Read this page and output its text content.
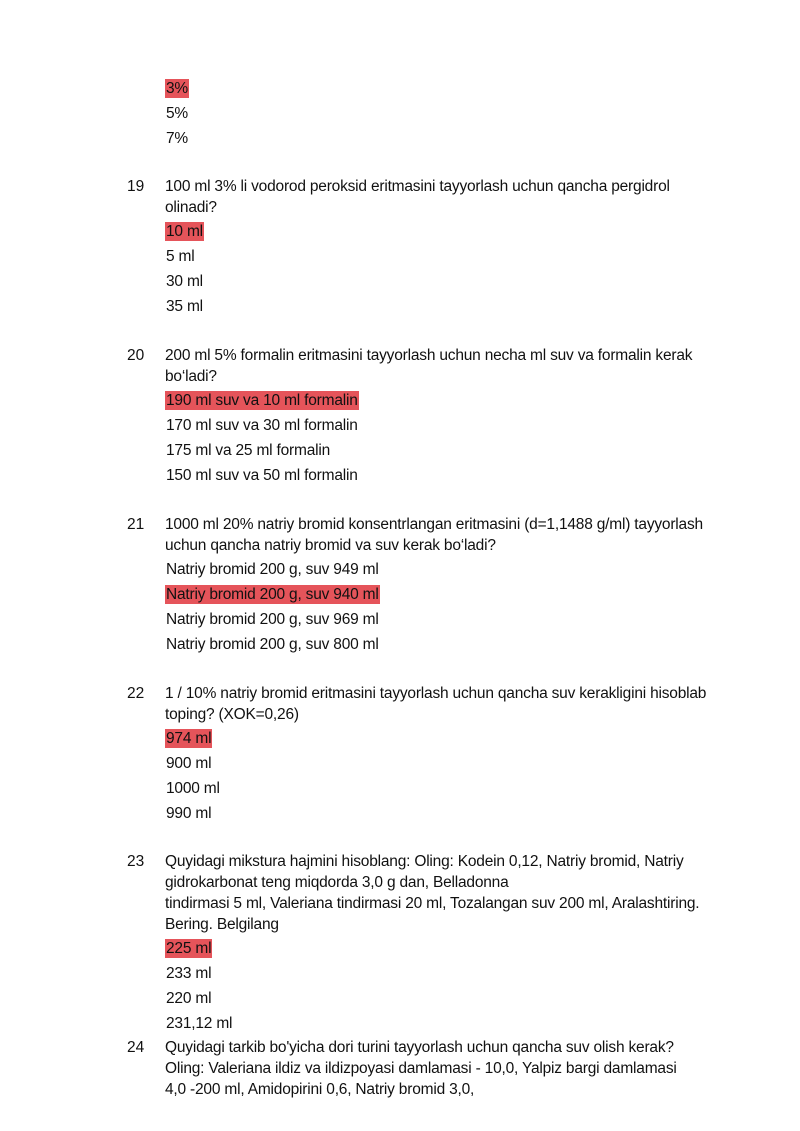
3%
5%
7%
19 100 ml 3% li vodorod peroksid eritmasini tayyorlash uchun qancha pergidrol
olinadi?
10 ml
5 ml
30 ml
35 ml
20 200 ml 5% formalin eritmasini tayyorlash uchun necha ml suv va formalin kerak
bo‘ladi?
190 ml suv va 10 ml formalin
170 ml suv va 30 ml formalin
175 ml va 25 ml formalin
150 ml suv va 50 ml formalin
21 1000 ml 20% natriy bromid konsentrlangan eritmasini (d=1,1488 g/ml) tayyorlash
uchun qancha natriy bromid va suv kerak bo‘ladi?
Natriy bromid 200 g, suv 949 ml
Natriy bromid 200 g, suv 940 ml
Natriy bromid 200 g, suv 969 ml
Natriy bromid 200 g, suv 800 ml
22 1 / 10% natriy bromid eritmasini tayyorlash uchun qancha suv kerakligini hisoblab
toping? (XOK=0,26)
974 ml
900 ml
1000 ml
990 ml
23 Quyidagi mikstura hajmini hisoblang: Oling: Kodein 0,12, Natriy bromid, Natriy
gidrokarbonat teng miqdorda 3,0 g dan, Belladonna
tindirmasi 5 ml, Valeriana tindirmasi 20 ml, Tozalangan suv 200 ml, Aralashtiring.
Bering. Belgilang
225 ml
233 ml
220 ml
231,12 ml
24 Quyidagi tarkib bo'yicha dori turini tayyorlash uchun qancha suv olish kerak?
Oling: Valeriana ildiz va ildizpoyasi damlamasi - 10,0, Yalpiz bargi damlamasi
4,0 -200 ml, Amidopirini 0,6, Natriy bromid 3,0,
